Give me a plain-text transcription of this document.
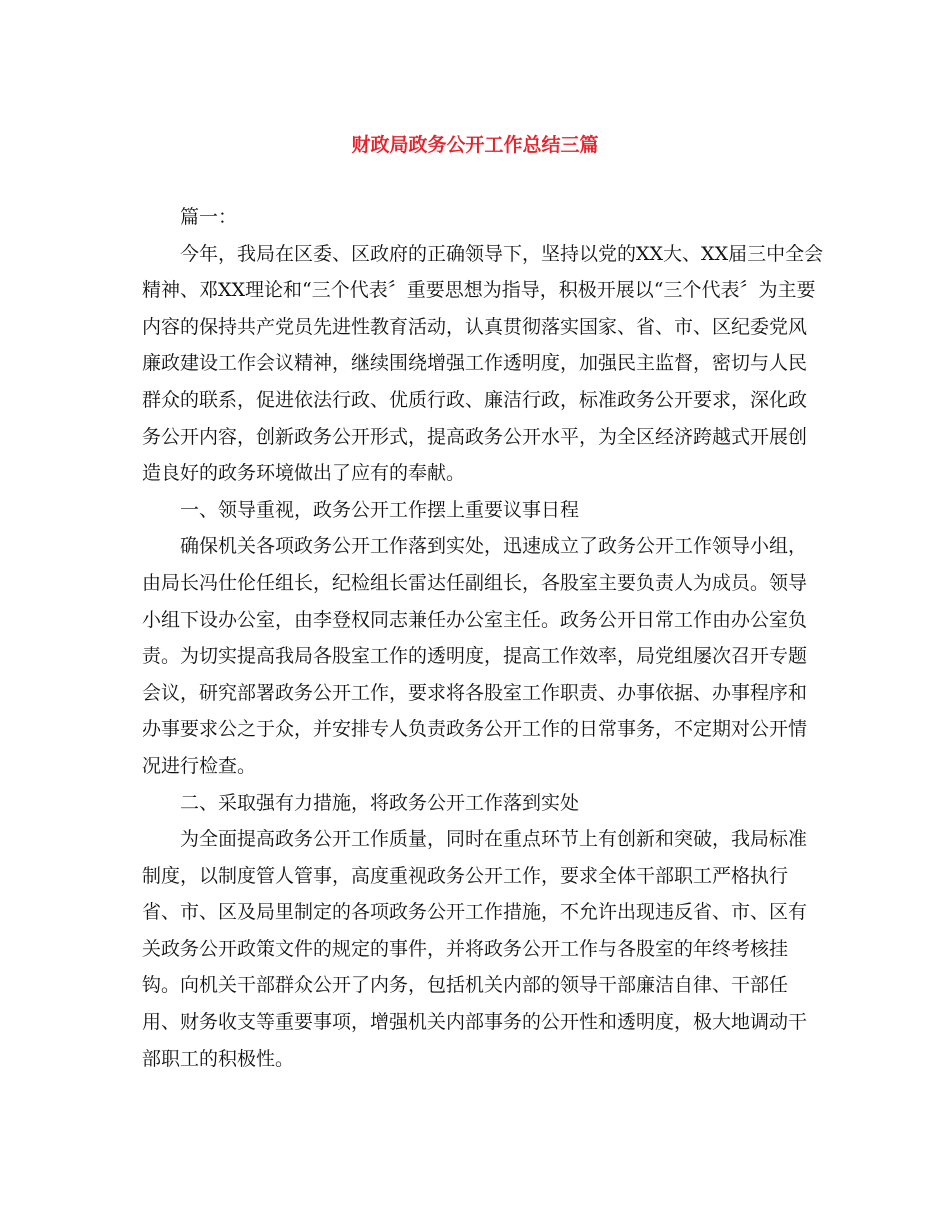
财政局政务公开工作总结三篇
篇一：
今年，我局在区委、区政府的正确领导下，坚持以党的XX大、XX届三中全会
精神、邓XX理论和“三个代表〞重要思想为指导，积极开展以“三个代表〞为主要
内容的保持共产党员先进性教育活动，认真贯彻落实国家、省、市、区纪委党风
廉政建设工作会议精神，继续围绕增强工作透明度，加强民主监督，密切与人民
群众的联系，促进依法行政、优质行政、廉洁行政，标准政务公开要求，深化政
务公开内容，创新政务公开形式，提高政务公开水平，为全区经济跨越式开展创
造良好的政务环境做出了应有的奉献。
一、领导重视，政务公开工作摆上重要议事日程
确保机关各项政务公开工作落到实处，迅速成立了政务公开工作领导小组，
由局长冯仕伦任组长，纪检组长雷达任副组长，各股室主要负责人为成员。领导
小组下设办公室，由李登权同志兼任办公室主任。政务公开日常工作由办公室负
责。为切实提高我局各股室工作的透明度，提高工作效率，局党组屡次召开专题
会议，研究部署政务公开工作，要求将各股室工作职责、办事依据、办事程序和
办事要求公之于众，并安排专人负责政务公开工作的日常事务，不定期对公开情
况进行检查。
二、采取强有力措施，将政务公开工作落到实处
为全面提高政务公开工作质量，同时在重点环节上有创新和突破，我局标准
制度，以制度管人管事，高度重视政务公开工作，要求全体干部职工严格执行
省、市、区及局里制定的各项政务公开工作措施，不允许出现违反省、市、区有
关政务公开政策文件的规定的事件，并将政务公开工作与各股室的年终考核挂
钩。向机关干部群众公开了内务，包括机关内部的领导干部廉洁自律、干部任
用、财务收支等重要事项，增强机关内部事务的公开性和透明度，极大地调动干
部职工的积极性。
